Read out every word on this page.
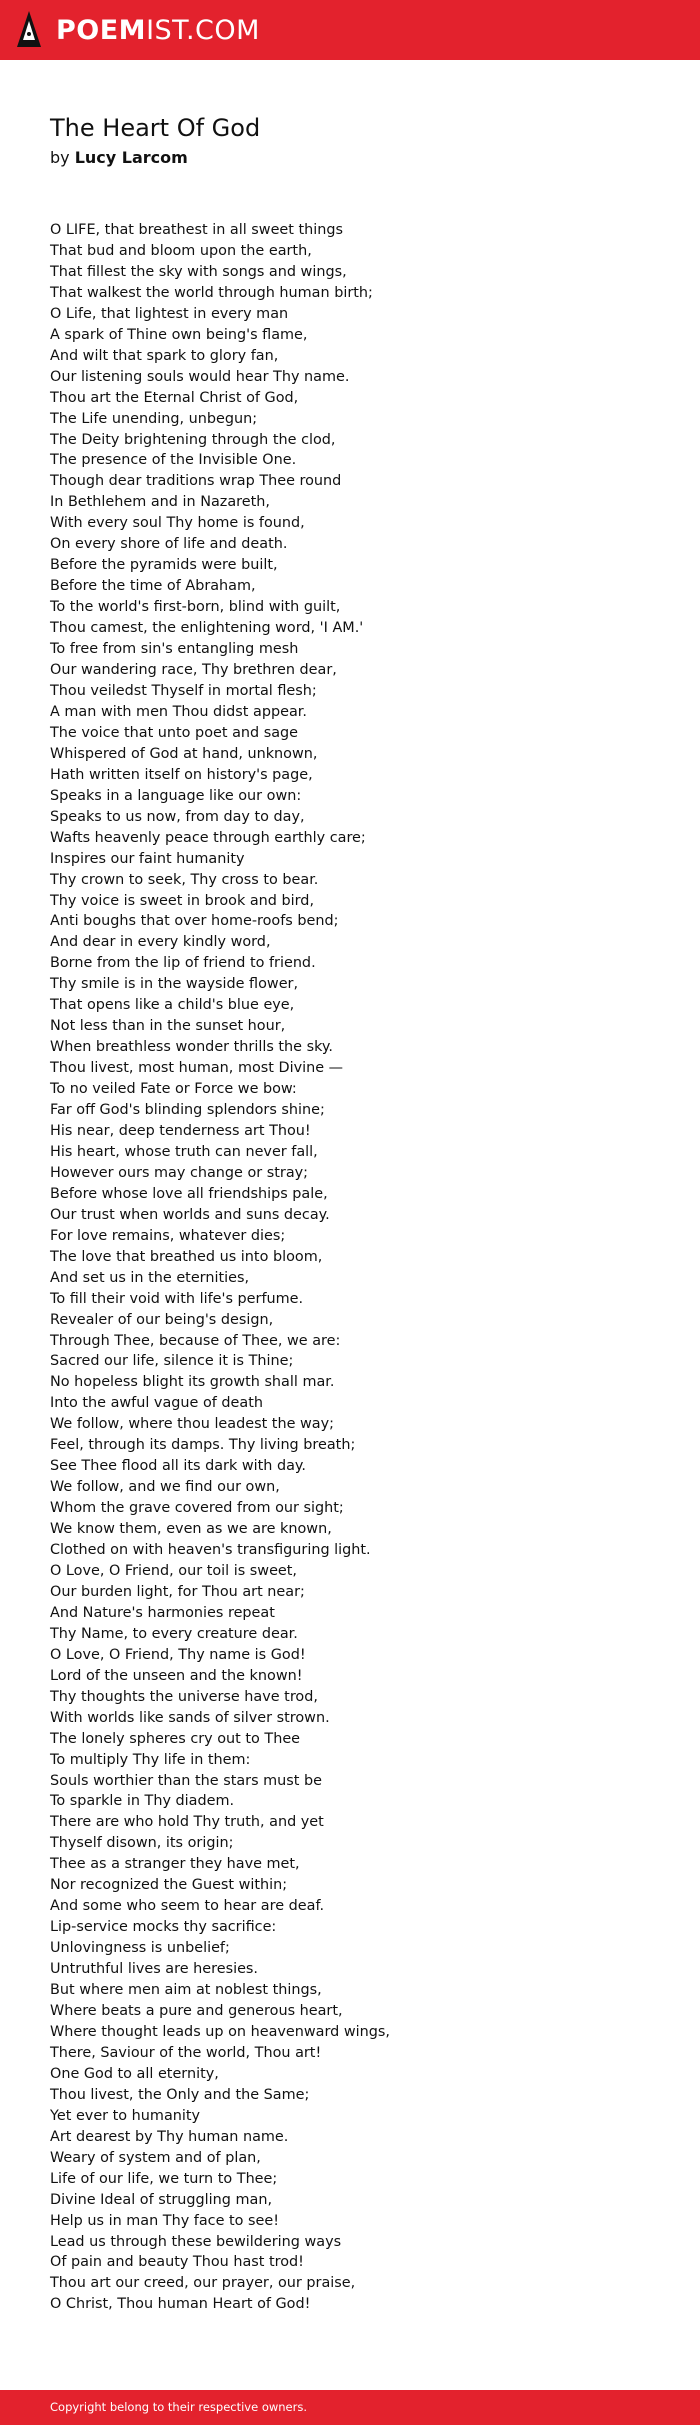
POEMIST.COM
The Heart Of God
by Lucy Larcom
O LIFE, that breathest in all sweet things
That bud and bloom upon the earth,
That fillest the sky with songs and wings,
That walkest the world through human birth;
O Life, that lightest in every man
A spark of Thine own being's flame,
And wilt that spark to glory fan,
Our listening souls would hear Thy name.
Thou art the Eternal Christ of God,
The Life unending, unbegun;
The Deity brightening through the clod,
The presence of the Invisible One.
Though dear traditions wrap Thee round
In Bethlehem and in Nazareth,
With every soul Thy home is found,
On every shore of life and death.
Before the pyramids were built,
Before the time of Abraham,
To the world's first-born, blind with guilt,
Thou camest, the enlightening word, 'I AM.'
To free from sin's entangling mesh
Our wandering race, Thy brethren dear,
Thou veiledst Thyself in mortal flesh;
A man with men Thou didst appear.
The voice that unto poet and sage
Whispered of God at hand, unknown,
Hath written itself on history's page,
Speaks in a language like our own:
Speaks to us now, from day to day,
Wafts heavenly peace through earthly care;
Inspires our faint humanity
Thy crown to seek, Thy cross to bear.
Thy voice is sweet in brook and bird,
Anti boughs that over home-roofs bend;
And dear in every kindly word,
Borne from the lip of friend to friend.
Thy smile is in the wayside flower,
That opens like a child's blue eye,
Not less than in the sunset hour,
When breathless wonder thrills the sky.
Thou livest, most human, most Divine —
To no veiled Fate or Force we bow:
Far off God's blinding splendors shine;
His near, deep tenderness art Thou!
His heart, whose truth can never fall,
However ours may change or stray;
Before whose love all friendships pale,
Our trust when worlds and suns decay.
For love remains, whatever dies;
The love that breathed us into bloom,
And set us in the eternities,
To fill their void with life's perfume.
Revealer of our being's design,
Through Thee, because of Thee, we are:
Sacred our life, silence it is Thine;
No hopeless blight its growth shall mar.
Into the awful vague of death
We follow, where thou leadest the way;
Feel, through its damps. Thy living breath;
See Thee flood all its dark with day.
We follow, and we find our own,
Whom the grave covered from our sight;
We know them, even as we are known,
Clothed on with heaven's transfiguring light.
O Love, O Friend, our toil is sweet,
Our burden light, for Thou art near;
And Nature's harmonies repeat
Thy Name, to every creature dear.
O Love, O Friend, Thy name is God!
Lord of the unseen and the known!
Thy thoughts the universe have trod,
With worlds like sands of silver strown.
The lonely spheres cry out to Thee
To multiply Thy life in them:
Souls worthier than the stars must be
To sparkle in Thy diadem.
There are who hold Thy truth, and yet
Thyself disown, its origin;
Thee as a stranger they have met,
Nor recognized the Guest within;
And some who seem to hear are deaf.
Lip-service mocks thy sacrifice:
Unlovingness is unbelief;
Untruthful lives are heresies.
But where men aim at noblest things,
Where beats a pure and generous heart,
Where thought leads up on heavenward wings,
There, Saviour of the world, Thou art!
One God to all eternity,
Thou livest, the Only and the Same;
Yet ever to humanity
Art dearest by Thy human name.
Weary of system and of plan,
Life of our life, we turn to Thee;
Divine Ideal of struggling man,
Help us in man Thy face to see!
Lead us through these bewildering ways
Of pain and beauty Thou hast trod!
Thou art our creed, our prayer, our praise,
O Christ, Thou human Heart of God!
Copyright belong to their respective owners.
